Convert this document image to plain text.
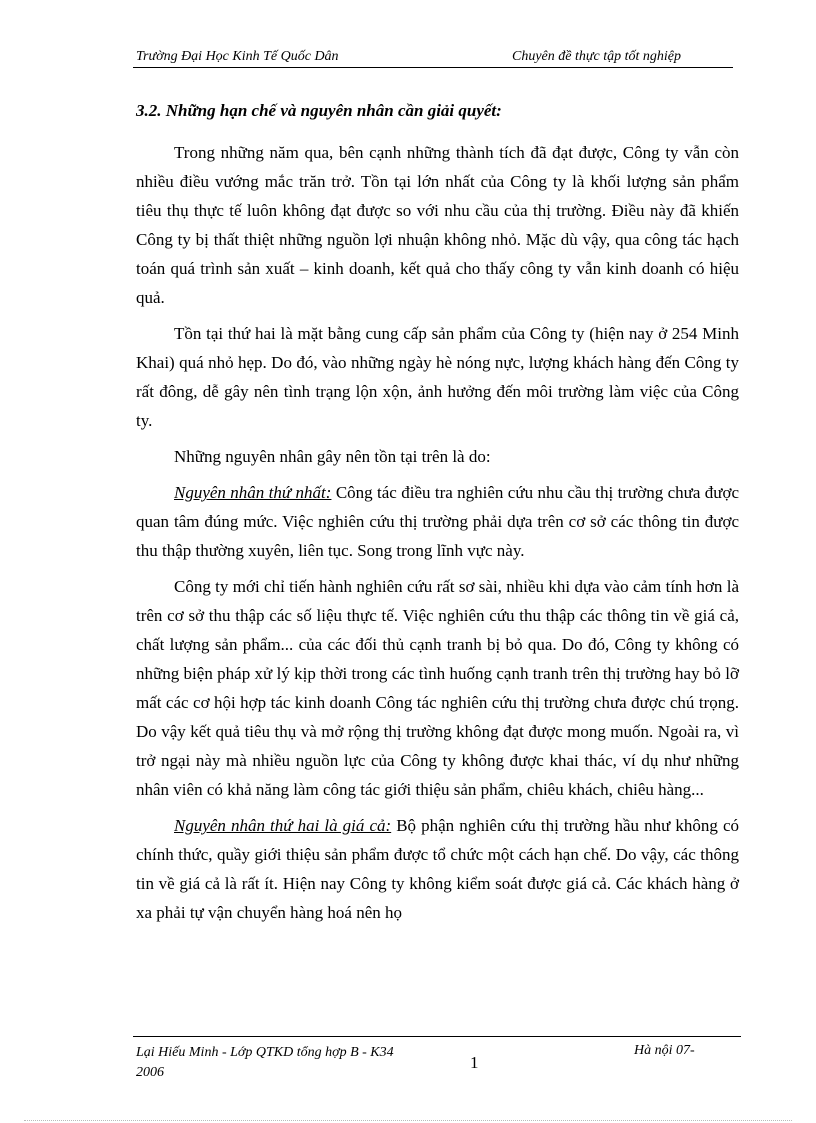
Trường Đại Học Kinh Tế Quốc Dân	Chuyên đề thực tập tốt nghiệp
3.2. Những hạn chế và nguyên nhân cần giải quyết:

Trong những năm qua, bên cạnh những thành tích đã đạt được, Công ty vẫn còn nhiều điều vướng mắc trăn trở. Tồn tại lớn nhất của Công ty là khối lượng sản phẩm tiêu thụ thực tế luôn không đạt được so với nhu cầu của thị trường. Điều này đã khiến Công ty bị thất thiệt những nguồn lợi nhuận không nhỏ. Mặc dù vậy, qua công tác hạch toán quá trình sản xuất – kinh doanh, kết quả cho thấy công ty vẫn kinh doanh có hiệu quả.

Tồn tại thứ hai là mặt bằng cung cấp sản phẩm của Công ty (hiện nay ở 254 Minh Khai) quá nhỏ hẹp. Do đó, vào những ngày hè nóng nực, lượng khách hàng đến Công ty rất đông, dễ gây nên tình trạng lộn xộn, ảnh hưởng đến môi trường làm việc của Công ty.

Những nguyên nhân gây nên tồn tại trên là do:

Nguyên nhân thứ nhất: Công tác điều tra nghiên cứu nhu cầu thị trường chưa được quan tâm đúng mức. Việc nghiên cứu thị trường phải dựa trên cơ sở các thông tin được thu thập thường xuyên, liên tục. Song trong lĩnh vực này.

Công ty mới chỉ tiến hành nghiên cứu rất sơ sài, nhiều khi dựa vào cảm tính hơn là trên cơ sở thu thập các số liệu thực tế. Việc nghiên cứu thu thập các thông tin về giá cả, chất lượng sản phẩm... của các đối thủ cạnh tranh bị bỏ qua. Do đó, Công ty không có những biện pháp xử lý kịp thời trong các tình huống cạnh tranh trên thị trường hay bỏ lỡ mất các cơ hội hợp tác kinh doanh Công tác nghiên cứu thị trường chưa được chú trọng. Do vậy kết quả tiêu thụ và mở rộng thị trường không đạt được mong muốn. Ngoài ra, vì trở ngại này mà nhiều nguồn lực của Công ty không được khai thác, ví dụ như những nhân viên có khả năng làm công tác giới thiệu sản phẩm, chiêu khách, chiêu hàng...

Nguyên nhân thứ hai là giá cả: Bộ phận nghiên cứu thị trường hầu như không có chính thức, quầy giới thiệu sản phẩm được tổ chức một cách hạn chế. Do vậy, các thông tin về giá cả là rất ít. Hiện nay Công ty không kiểm soát được giá cả. Các khách hàng ở xa phải tự vận chuyển hàng hoá nên họ

Lại Hiếu Minh - Lớp QTKD tổng hợp B - K34
2006
1
Hà nội 07-
